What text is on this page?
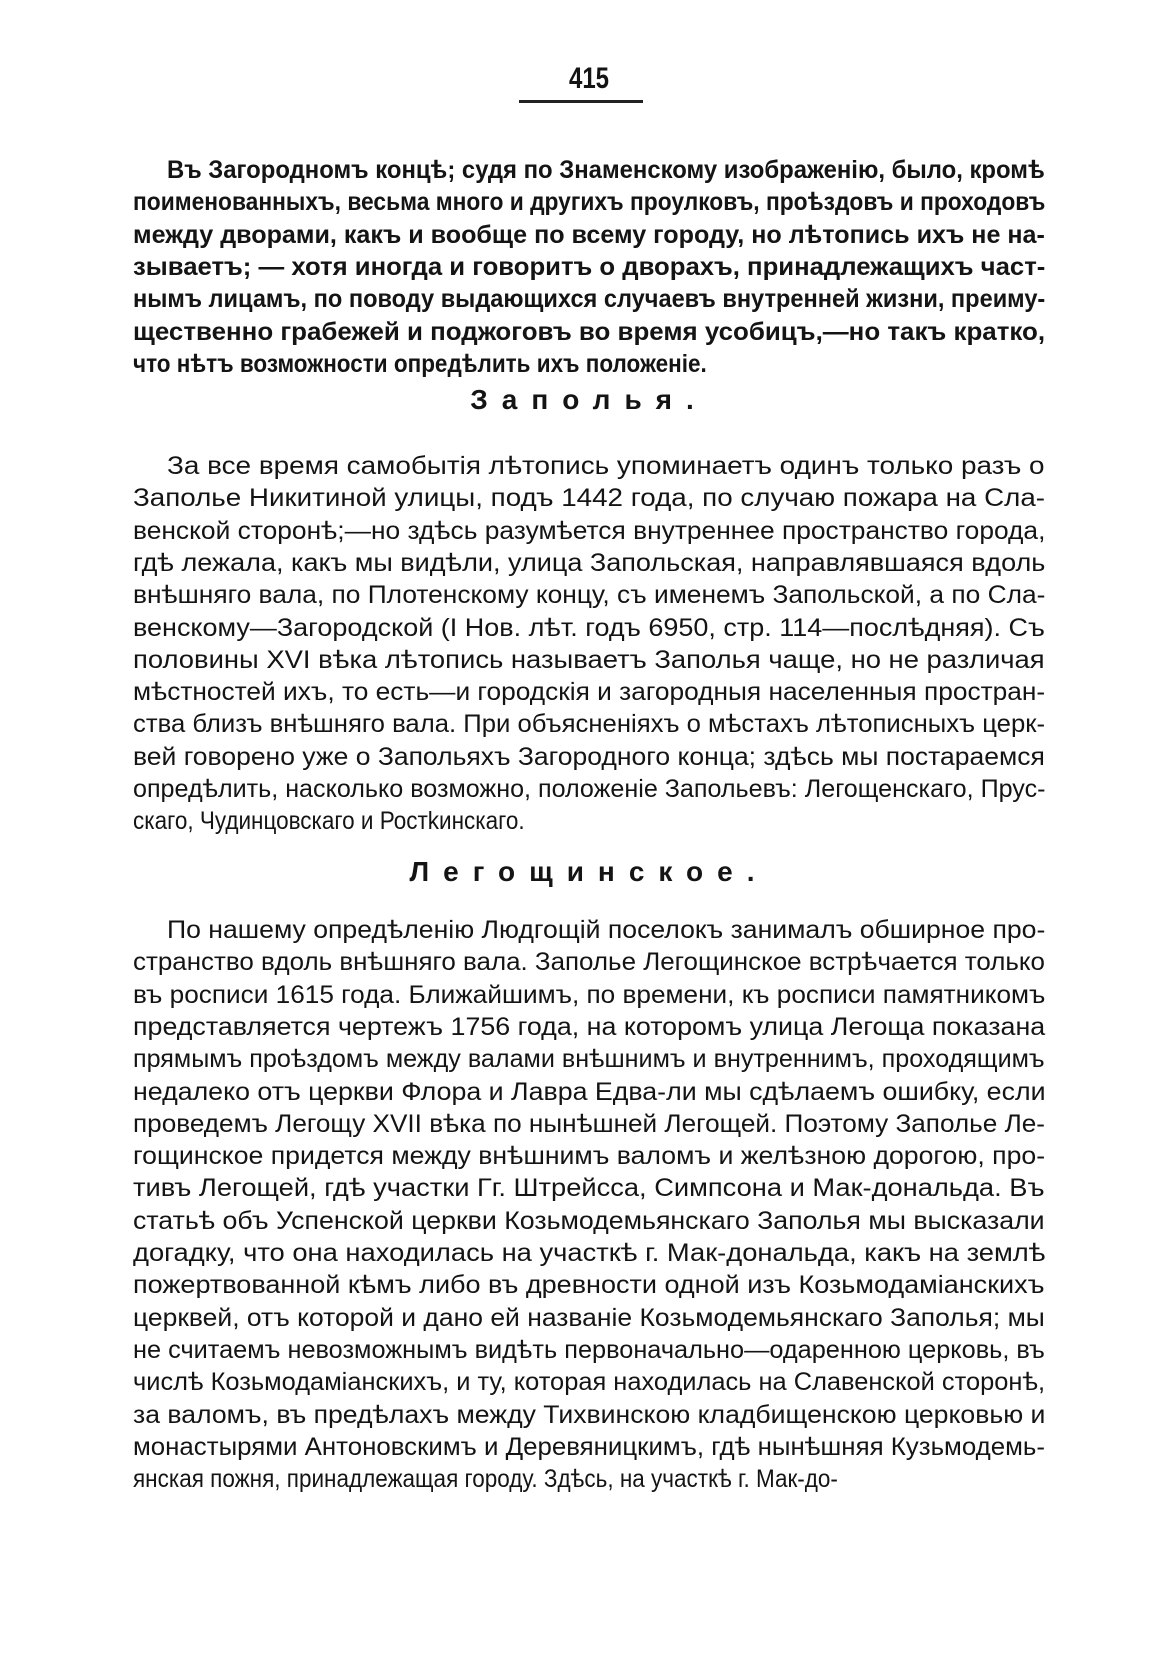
415
Въ Загородномъ концѣ; судя по Знаменскому изображенію, было, кромѣ
поименованныхъ, весьма много и другихъ проулковъ, проѣздовъ и проходовъ
между дворами, какъ и вообще по всему городу, но лѣтопись ихъ не на-
зываетъ; — хотя иногда и говоритъ о дворахъ, принадлежащихъ част-
нымъ лицамъ, по поводу выдающихся случаевъ внутренней жизни, преиму-
щественно грабежей и поджоговъ во время усобицъ,—но такъ кратко,
что нѣтъ возможности опредѣлить ихъ положеніе.
Заполья.
За все время самобытія лѣтопись упоминаетъ одинъ только разъ о
Заполье Никитиной улицы, подъ 1442 года, по случаю пожара на Сла-
венской сторонѣ;—но здѣсь разумѣется внутреннее пространство города,
гдѣ лежала, какъ мы видѣли, улица Запольская, направлявшаяся вдоль
внѣшняго вала, по Плотенскому концу, съ именемъ Запольской, а по Сла-
венскому—Загородской (I Нов. лѣт. годъ 6950, стр. 114—послѣдняя). Съ
половины XVI вѣка лѣтопись называетъ Заполья чаще, но не различая
мѣстностей ихъ, то есть—и городскія и загородныя населенныя простран-
ства близъ внѣшняго вала. При объясненіяхъ о мѣстахъ лѣтописныхъ церк-
вей говорено уже о Запольяхъ Загородного конца; здѣсь мы постараемся
опредѣлить, насколько возможно, положеніе Запольевъ: Легощенскаго, Прус-
скаго, Чудинцовскаго и Ростkинскаго.
Легощинское.
По нашему опредѣленію Людгощій поселокъ занималъ обширное про-
странство вдоль внѣшняго вала. Заполье Легощинское встрѣчается только
въ росписи 1615 года. Ближайшимъ, по времени, къ росписи памятникомъ
представляется чертежъ 1756 года, на которомъ улица Легоща показана
прямымъ проѣздомъ между валами внѣшнимъ и внутреннимъ, проходящимъ
недалеко отъ церкви Флора и Лавра Едва-ли мы сдѣлаемъ ошибку, если
проведемъ Легощу XVII вѣка по нынѣшней Легощей. Поэтому Заполье Ле-
гощинское придется между внѣшнимъ валомъ и желѣзною дорогою, про-
тивъ Легощей, гдѣ участки Гг. Штрейсса, Симпсона и Мак-дональда. Въ
статьѣ объ Успенской церкви Козьмодемьянскаго Заполья мы высказали
догадку, что она находилась на участкѣ г. Мак-дональда, какъ на землѣ
пожертвованной кѣмъ либо въ древности одной изъ Козьмодаміанскихъ
церквей, отъ которой и дано ей названіе Козьмодемьянскаго Заполья; мы
не считаемъ невозможнымъ видѣть первоначально—одаренною церковь, въ
числѣ Козьмодаміанскихъ, и ту, которая находилась на Славенской сторонѣ,
за валомъ, въ предѣлахъ между Тихвинскою кладбищенскою церковью и
монастырями Антоновскимъ и Деревяницкимъ, гдѣ нынѣшняя Кузьмодемь-
янская пожня, принадлежащая городу. Здѣсь, на участкѣ г. Мак-до-
